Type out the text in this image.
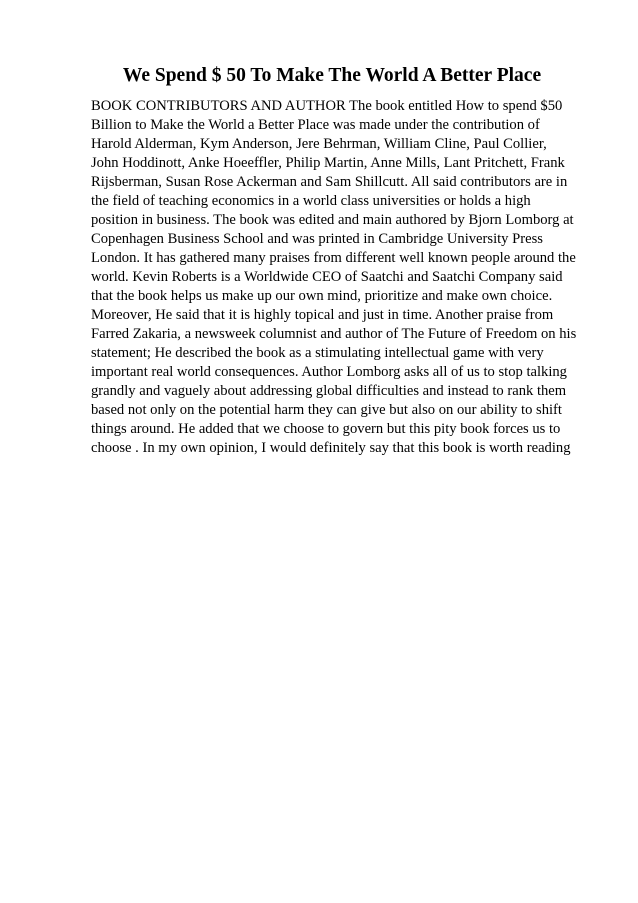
We Spend $ 50 To Make The World A Better Place
BOOK CONTRIBUTORS AND AUTHOR The book entitled How to spend $50
Billion to Make the World a Better Place was made under the contribution of
Harold Alderman, Kym Anderson, Jere Behrman, William Cline, Paul Collier,
John Hoddinott, Anke Hoeeffler, Philip Martin, Anne Mills, Lant Pritchett, Frank
Rijsberman, Susan Rose Ackerman and Sam Shillcutt. All said contributors are in
the field of teaching economics in a world class universities or holds a high
position in business. The book was edited and main authored by Bjorn Lomborg at
Copenhagen Business School and was printed in Cambridge University Press
London. It has gathered many praises from different well known people around the
world. Kevin Roberts is a Worldwide CEO of Saatchi and Saatchi Company said
that the book helps us make up our own mind, prioritize and make own choice.
Moreover, He said that it is highly topical and just in time. Another praise from
Farred Zakaria, a newsweek columnist and author of The Future of Freedom on his
statement; He described the book as a stimulating intellectual game with very
important real world consequences. Author Lomborg asks all of us to stop talking
grandly and vaguely about addressing global difficulties and instead to rank them
based not only on the potential harm they can give but also on our ability to shift
things around. He added that we choose to govern but this pity book forces us to
choose . In my own opinion, I would definitely say that this book is worth reading
